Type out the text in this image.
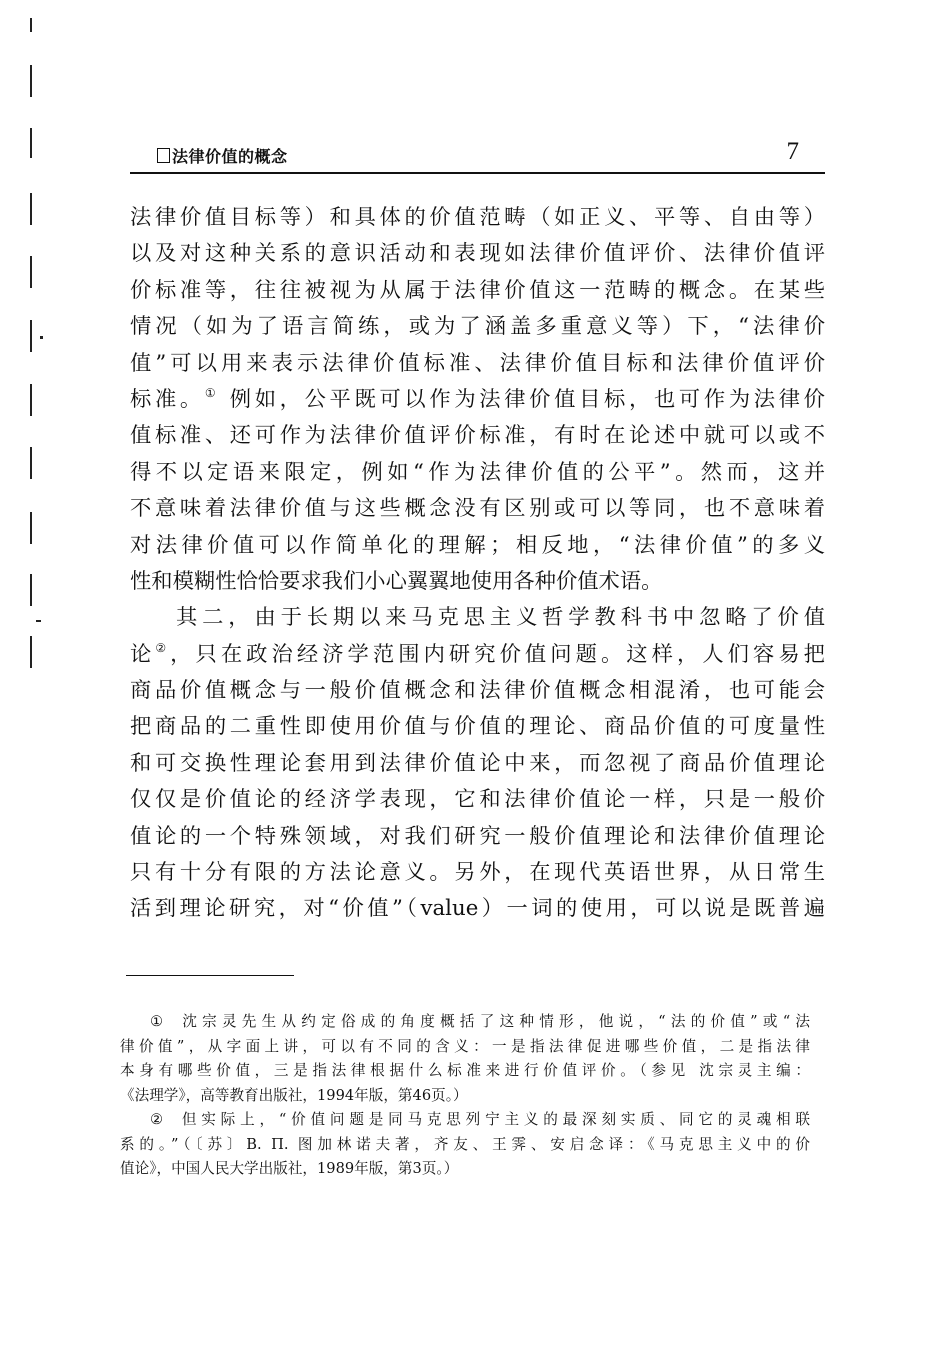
法律价值的概念	7
法律价值目标等）和具体的价值范畴（如正义、平等、自由等）
以及对这种关系的意识活动和表现如法律价值评价、法律价值评
价标准等，往往被视为从属于法律价值这一范畴的概念。在某些
情况（如为了语言简练，或为了涵盖多重意义等）下，“法律价
值”可以用来表示法律价值标准、法律价值目标和法律价值评价
标准。① 例如，公平既可以作为法律价值目标，也可作为法律价
值标准、还可作为法律价值评价标准，有时在论述中就可以或不
得不以定语来限定，例如“作为法律价值的公平”。然而，这并
不意味着法律价值与这些概念没有区别或可以等同，也不意味着
对法律价值可以作简单化的理解；相反地，“法律价值”的多义
性和模糊性恰恰要求我们小心翼翼地使用各种价值术语。
其二，由于长期以来马克思主义哲学教科书中忽略了价值
论②，只在政治经济学范围内研究价值问题。这样，人们容易把
商品价值概念与一般价值概念和法律价值概念相混淆，也可能会
把商品的二重性即使用价值与价值的理论、商品价值的可度量性
和可交换性理论套用到法律价值论中来，而忽视了商品价值理论
仅仅是价值论的经济学表现，它和法律价值论一样，只是一般价
值论的一个特殊领域，对我们研究一般价值理论和法律价值理论
只有十分有限的方法论意义。另外，在现代英语世界，从日常生
活到理论研究，对“价值”（value）一词的使用，可以说是既普遍
① 沈宗灵先生从约定俗成的角度概括了这种情形，他说，“法的价值”或“法
律价值”，从字面上讲，可以有不同的含义：一是指法律促进哪些价值，二是指法律
本身有哪些价值，三是指法律根据什么标准来进行价值评价。（参见 沈宗灵主编：
《法理学》，高等教育出版社，1994年版，第46页。）
② 但实际上，“价值问题是同马克思列宁主义的最深刻实质、同它的灵魂相联
系的。”（〔苏〕B. П. 图加林诺夫著，齐友、王霁、安启念译：《马克思主义中的价
值论》，中国人民大学出版社，1989年版，第3页。）
